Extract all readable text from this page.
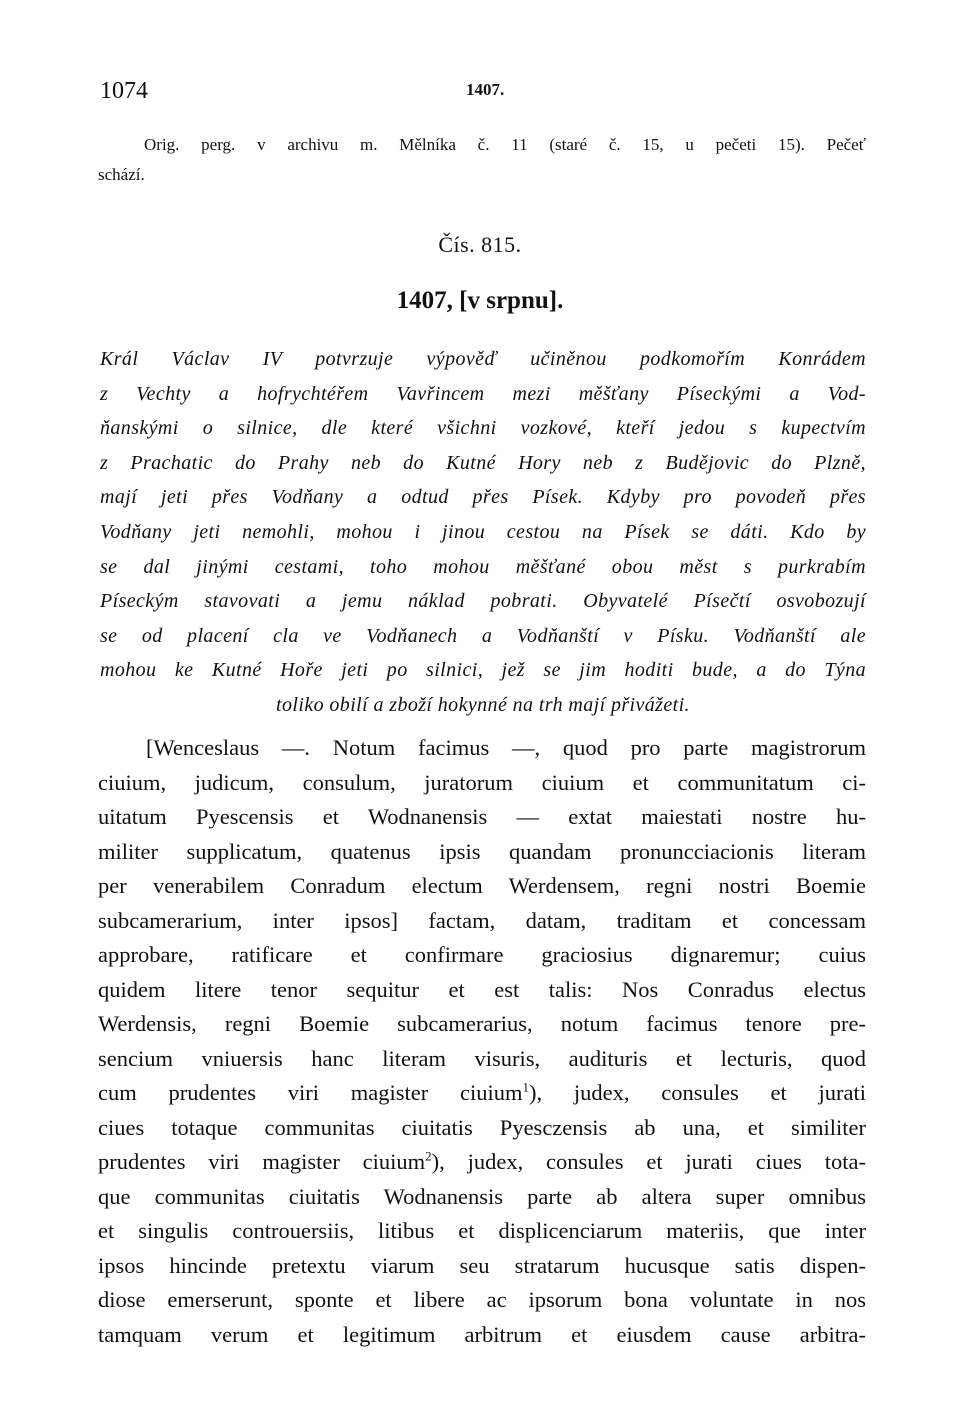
1074	1407.
Orig. perg. v archivu m. Mělníka č. 11 (staré č. 15, u pečeti 15). Pečeť
schází.
Čís. 815.
1407, [v srpnu].
Král Václav IV potvrzuje výpověď učiněnou podkomořím Konrádem
z Vechty a hofrychtéřem Vavřincem mezi měšťany Píseckými a Vod-
ňanskými o silnice, dle které všichni vozkové, kteří jedou s kupectvím
z Prachatic do Prahy neb do Kutné Hory neb z Budějovic do Plzně,
mají jeti přes Vodňany a odtud přes Písek. Kdyby pro povodeň přes
Vodňany jeti nemohli, mohou i jinou cestou na Písek se dáti. Kdo by
se dal jinými cestami, toho mohou měšťané obou měst s purkrabím
Píseckým stavovati a jemu náklad pobrati. Obyvatelé Písečtí osvobozují
se od placení cla ve Vodňanech a Vodňanští v Písku. Vodňanští ale
mohou ke Kutné Hoře jeti po silnici, jež se jim hoditi bude, a do Týna
toliko obilí a zboží hokynné na trh mají přivážeti.
[Wenceslaus —. Notum facimus —, quod pro parte magistrorum
ciuium, judicum, consulum, juratorum ciuium et communitatum ci-
uitatum Pyescensis et Wodnanensis — extat maiestati nostre hu-
militer supplicatum, quatenus ipsis quandam pronuncciacionis literam
per venerabilem Conradum electum Werdensem, regni nostri Boemie
subcamerarium, inter ipsos] factam, datam, traditam et concessam
approbare, ratificare et confirmare graciosius dignaremur; cuius
quidem litere tenor sequitur et est talis: Nos Conradus electus
Werdensis, regni Boemie subcamerarius, notum facimus tenore pre-
sencium vniuersis hanc literam visuris, audituris et lecturis, quod
cum prudentes viri magister ciuium$^1$), judex, consules et jurati
ciues totaque communitas ciuitatis Pyesczensis ab una, et similiter
prudentes viri magister ciuium$^2$), judex, consules et jurati ciues tota-
que communitas ciuitatis Wodnanensis parte ab altera super omnibus
et singulis controuersiis, litibus et displicenciarum materiis, que inter
ipsos hincinde pretextu viarum seu stratarum hucusque satis dispen-
diose emerserunt, sponte et libere ac ipsorum bona voluntate in nos
tamquam verum et legitimum arbitrum et eiusdem cause arbitra-
